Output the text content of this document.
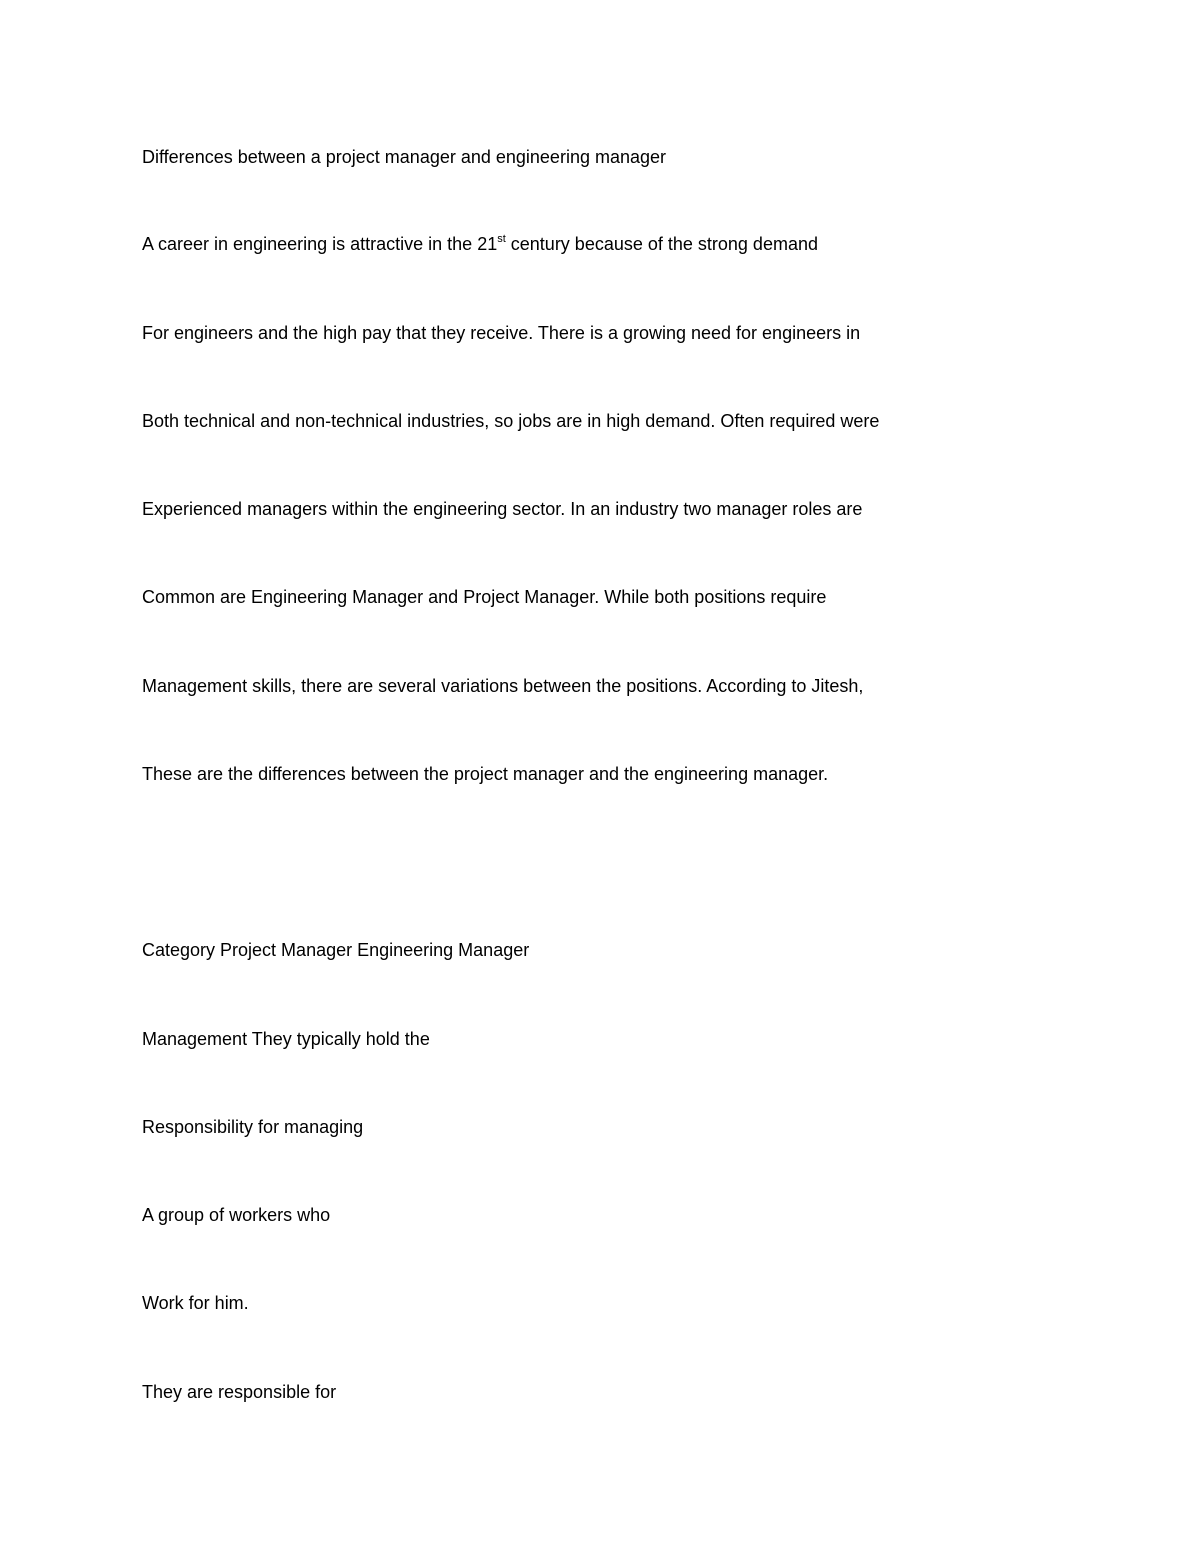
Differences between a project manager and engineering manager
A career in engineering is attractive in the 21st century because of the strong demand
For engineers and the high pay that they receive. There is a growing need for engineers in
Both technical and non-technical industries, so jobs are in high demand. Often required were
Experienced managers within the engineering sector. In an industry two manager roles are
Common are Engineering Manager and Project Manager. While both positions require
Management skills, there are several variations between the positions. According to Jitesh,
These are the differences between the project manager and the engineering manager.
Category Project Manager Engineering Manager
Management They typically hold the
Responsibility for managing
A group of workers who
Work for him.
They are responsible for
